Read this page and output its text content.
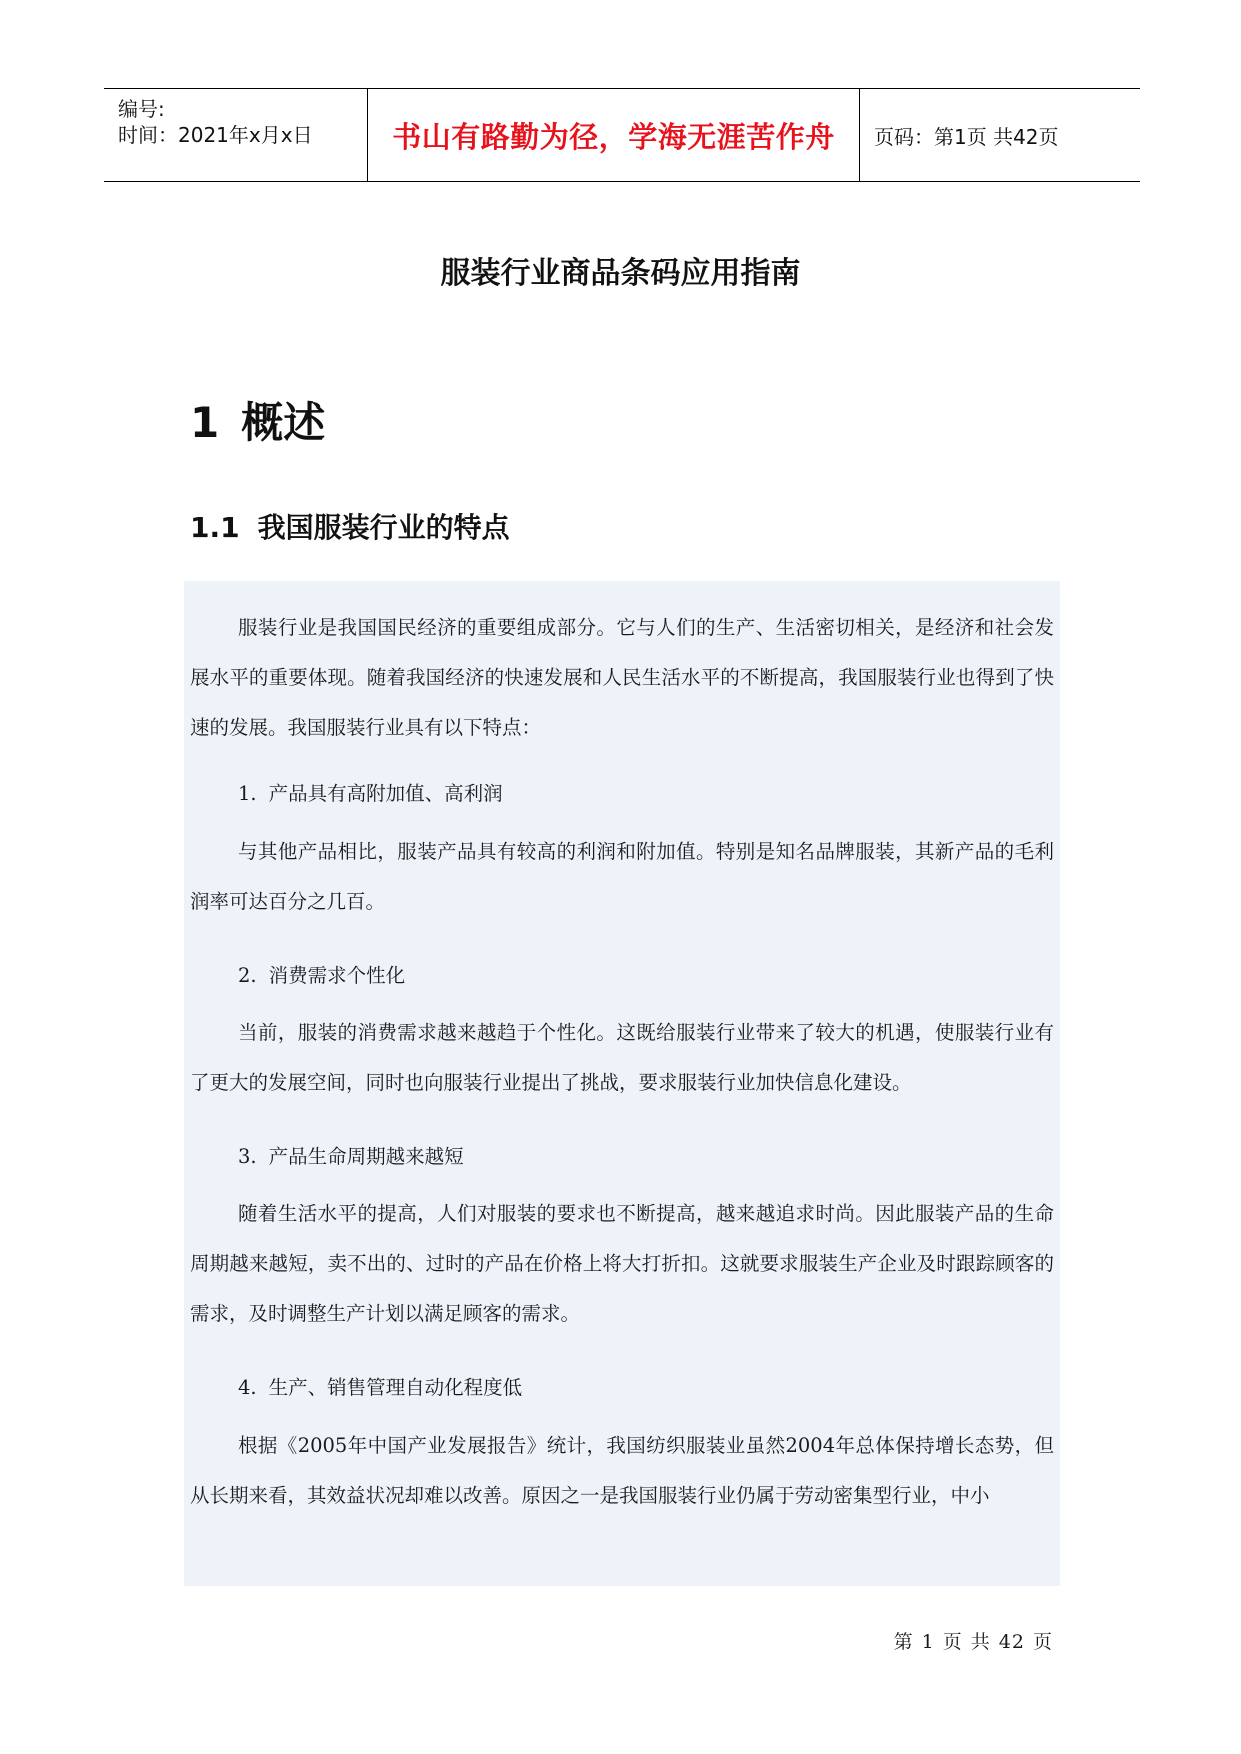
编号:
时间：2021年x月x日	书山有路勤为径，学海无涯苦作舟	页码：第1页 共42页
服装行业商品条码应用指南
1 概述
1.1 我国服装行业的特点
服装行业是我国国民经济的重要组成部分。它与人们的生产、生活密切相关，是经济和社会发展水平的重要体现。随着我国经济的快速发展和人民生活水平的不断提高，我国服装行业也得到了快速的发展。我国服装行业具有以下特点：
1. 产品具有高附加值、高利润
与其他产品相比，服装产品具有较高的利润和附加值。特别是知名品牌服装，其新产品的毛利润率可达百分之几百。
2. 消费需求个性化
当前，服装的消费需求越来越趋于个性化。这既给服装行业带来了较大的机遇，使服装行业有了更大的发展空间，同时也向服装行业提出了挑战，要求服装行业加快信息化建设。
3. 产品生命周期越来越短
随着生活水平的提高，人们对服装的要求也不断提高，越来越追求时尚。因此服装产品的生命周期越来越短，卖不出的、过时的产品在价格上将大打折扣。这就要求服装生产企业及时跟踪顾客的需求，及时调整生产计划以满足顾客的需求。
4. 生产、销售管理自动化程度低
根据《2005年中国产业发展报告》统计，我国纺织服装业虽然2004年总体保持增长态势，但从长期来看，其效益状况却难以改善。原因之一是我国服装行业仍属于劳动密集型行业，中小
第 1 页 共 42 页
